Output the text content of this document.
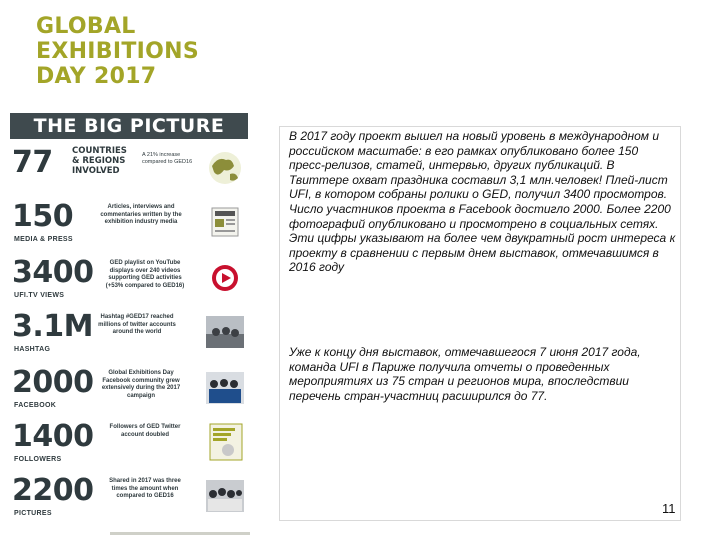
GLOBAL
EXHIBITIONS
DAY 2017
THE BIG PICTURE
77 COUNTRIES
& REGIONS
INVOLVED
A 21% increase compared to GED16
150
MEDIA & PRESS
Articles, interviews and commentaries written by the exhibition industry media
3400
UFI.TV VIEWS
GED playlist on YouTube displays over 240 videos supporting GED activities (+53% compared to GED16)
3.1M
HASHTAG
Hashtag #GED17 reached millions of twitter accounts around the world
2000
FACEBOOK
Global Exhibitions Day Facebook community grew extensively during the 2017 campaign
1400
FOLLOWERS
Followers of GED Twitter account doubled
2200
PICTURES
Shared in 2017 was three times the amount when compared to GED16
В 2017 году проект вышел на новый уровень в международном и российском масштабе: в его рамках опубликовано более 150 пресс-релизов, статей, интервью, других публикаций. В Твиттере охват праздника составил 3,1 млн.человек! Плей-лист UFI, в котором собраны ролики о GED, получил 3400 просмотров. Число участников проекта в Facebook достигло 2000. Более 2200 фотографий опубликовано и просмотрено в социальных сетях. Эти цифры указывают на более чем двукратный рост интереса к проекту в сравнении с первым днем выставок, отмечавшимся в 2016 году
Уже к концу дня выставок, отмечавшегося 7 июня 2017 года, команда UFI в Париже получила отчеты о проведенных мероприятиях из 75 стран и регионов мира, впоследствии перечень стран-участниц расширился до 77.
11
